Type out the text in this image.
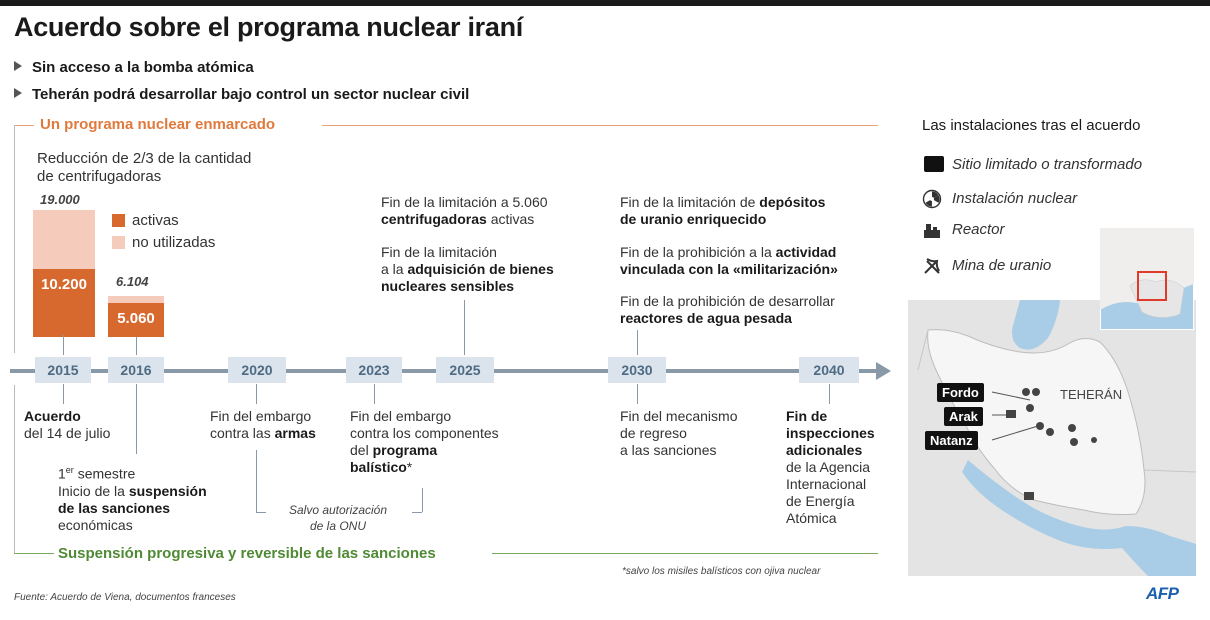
Acuerdo sobre el programa nuclear iraní
Sin acceso a la bomba atómica
Teherán podrá desarrollar bajo control un sector nuclear civil
Un programa nuclear enmarcado
Reducción de 2/3 de la cantidad
de centrifugadoras
19.000
6.104
10.200
5.060
activas
no utilizadas
2015	2016	2020	2023	2025	2030	2040
Fin de la limitación a 5.060
centrifugadoras activas
Fin de la limitación
a la adquisición de bienes
nucleares sensibles
Fin de la limitación de depósitos
de uranio enriquecido
Fin de la prohibición a la actividad
vinculada con la «militarización»
Fin de la prohibición de desarrollar
reactores de agua pesada
Acuerdo
del 14 de julio
1er semestre
Inicio de la suspensión
de las sanciones
económicas
Fin del embargo
contra las armas
Salvo autorización
de la ONU
Fin del embargo
contra los componentes
del programa
balístico*
Fin del mecanismo
de regreso
a las sanciones
Fin de
inspecciones
adicionales
de la Agencia
Internacional
de Energía
Atómica
Suspensión progresiva y reversible de las sanciones
*salvo los misiles balísticos con ojiva nuclear
Fuente: Acuerdo de Viena, documentos franceses
Las instalaciones tras el acuerdo
Sitio limitado o transformado
Instalación nuclear
Reactor
Mina de uranio
Fordo
Arak
Natanz
TEHERÁN
AFP
